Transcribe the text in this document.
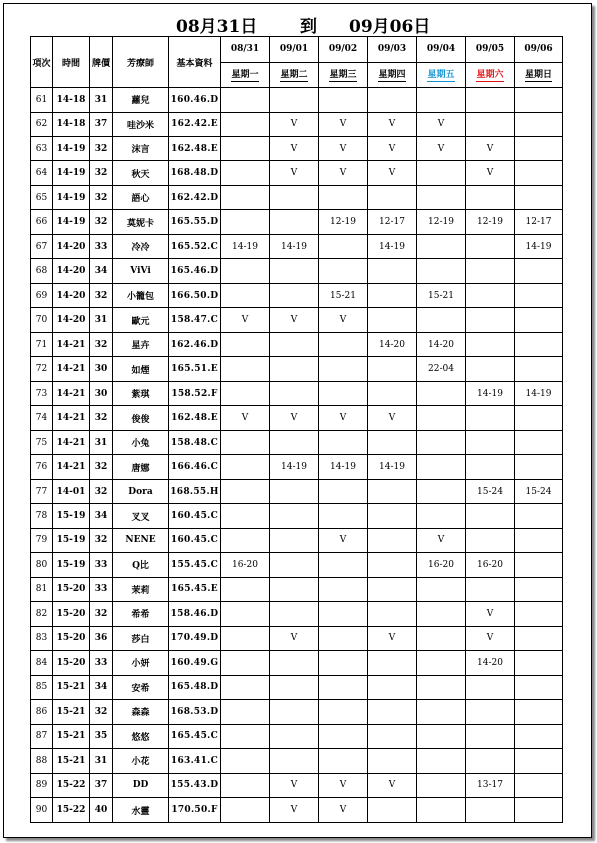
08月31日	到 09月06日
項次	時間	牌價	芳療師	基本資料	08/31	09/01	09/02	09/03	09/04	09/05	09/06
					星期一	星期二	星期三	星期四	星期五	星期六	星期日
61	14-18	31	蘿兒	160.46.D							
62	14-18	37	哇沙米	162.42.E		V	V	V	V		
63	14-19	32	沫言	162.48.E		V	V	V	V	V	
64	14-19	32	秋天	168.48.D		V	V	V		V	
65	14-19	32	語心	162.42.D							
66	14-19	32	莫妮卡	165.55.D			12-19	12-17	12-19	12-19	12-17
67	14-20	33	冷冷	165.52.C	14-19	14-19		14-19			14-19
68	14-20	34	ViVi	165.46.D							
69	14-20	32	小籠包	166.50.D			15-21		15-21		
70	14-20	31	歐元	158.47.C	V	V	V				
71	14-21	32	星卉	162.46.D				14-20	14-20		
72	14-21	30	如煙	165.51.E					22-04		
73	14-21	30	紫琪	158.52.F						14-19	14-19
74	14-21	32	俊俊	162.48.E	V	V	V	V			
75	14-21	31	小兔	158.48.C							
76	14-21	32	唐娜	166.46.C		14-19	14-19	14-19			
77	14-01	32	Dora	168.55.H						15-24	15-24
78	15-19	34	叉叉	160.45.C							
79	15-19	32	NENE	160.45.C			V		V		
80	15-19	33	Q比	155.45.C	16-20				16-20	16-20	
81	15-20	33	茉莉	165.45.E							
82	15-20	32	希希	158.46.D						V	
83	15-20	36	莎白	170.49.D		V		V		V	
84	15-20	33	小妍	160.49.G						14-20	
85	15-21	34	安希	165.48.D							
86	15-21	32	森森	168.53.D							
87	15-21	35	悠悠	165.45.C							
88	15-21	31	小花	163.41.C							
89	15-22	37	DD	155.43.D		V	V	V		13-17	
90	15-22	40	水靈	170.50.F		V	V				
